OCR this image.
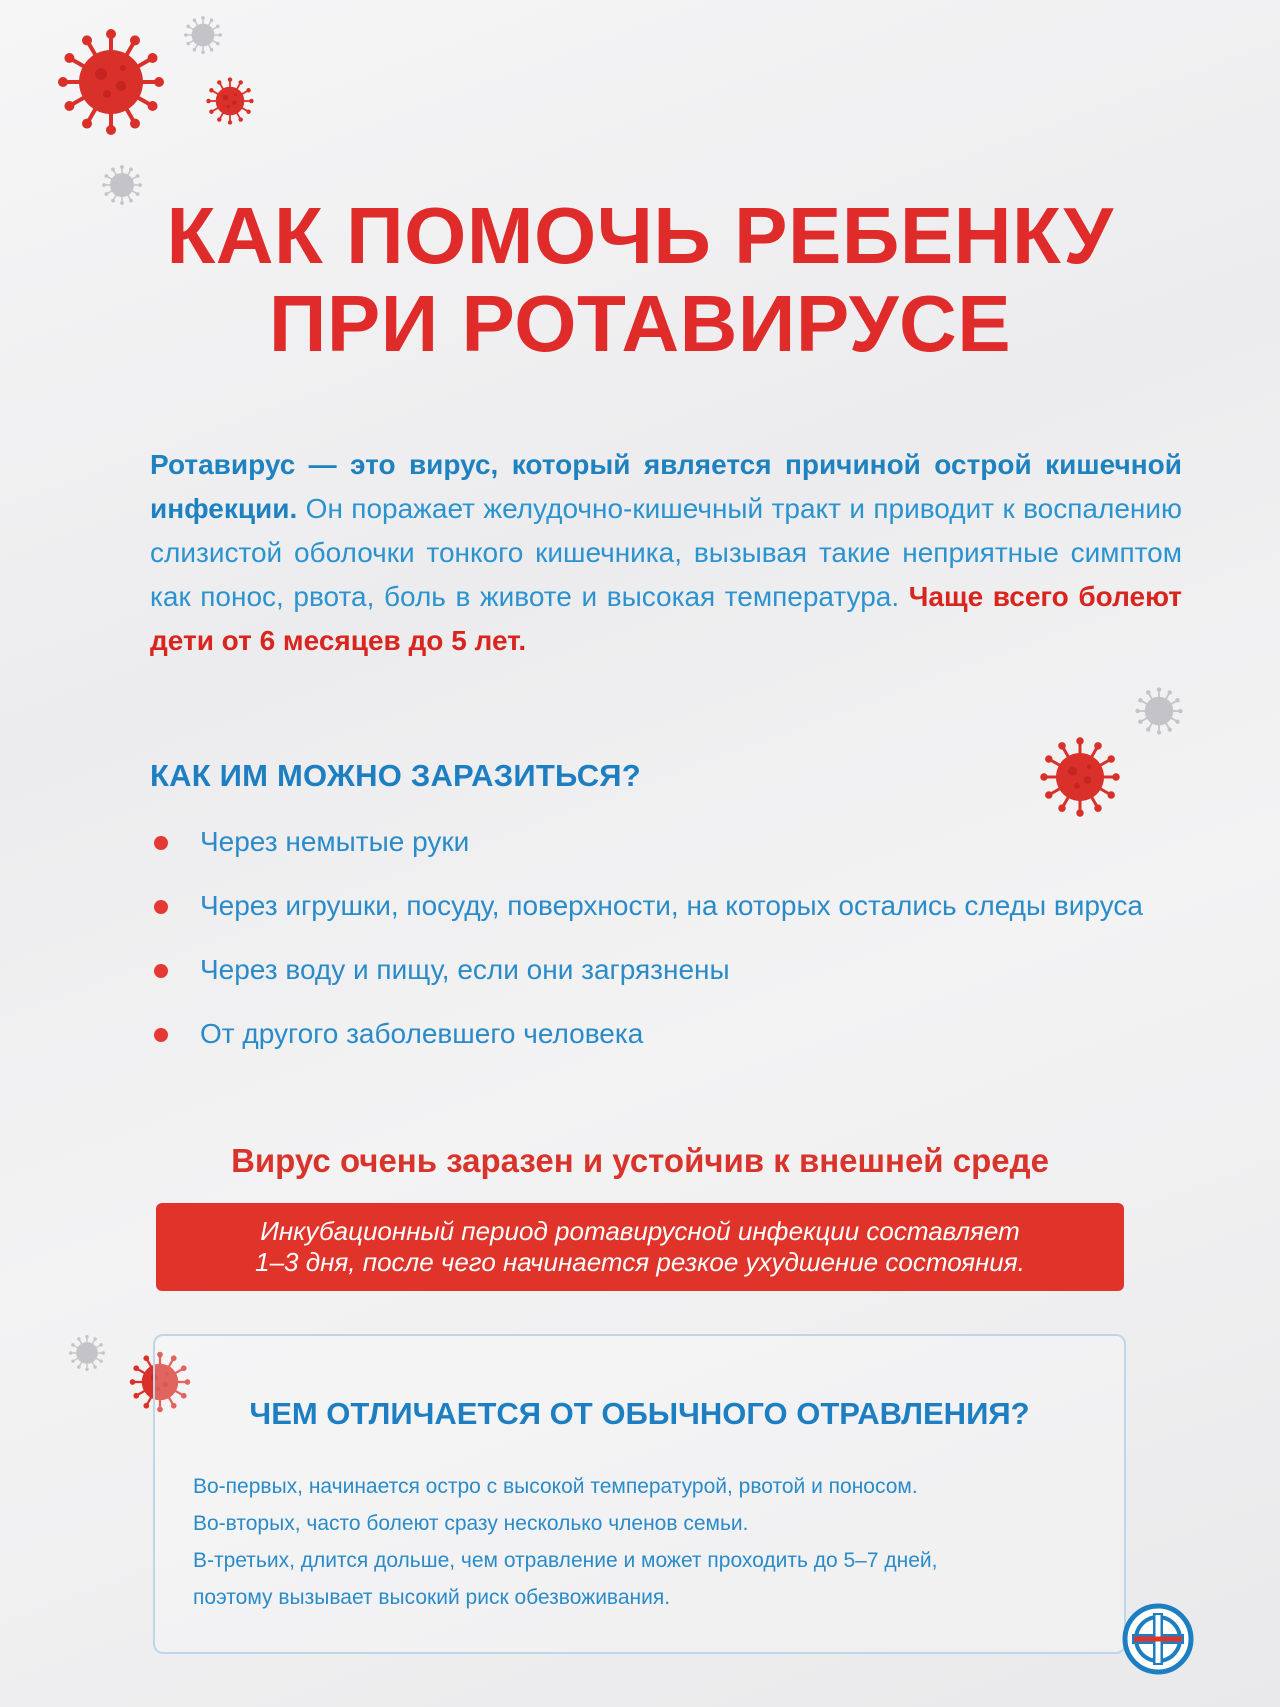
КАК ПОМОЧЬ РЕБЕНКУ
ПРИ РОТАВИРУСЕ

Ротавирус — это вирус, который является причиной острой кишечной инфекции. Он поражает желудочно-кишечный тракт и приводит к воспалению слизистой оболочки тонкого кишечника, вызывая такие неприятные симптом как понос, рвота, боль в животе и высокая температура. Чаще всего болеют дети от 6 месяцев до 5 лет.

КАК ИМ МОЖНО ЗАРАЗИТЬСЯ?
Через немытые руки
Через игрушки, посуду, поверхности, на которых остались следы вируса
Через воду и пищу, если они загрязнены
От другого заболевшего человека

Вирус очень заразен и устойчив к внешней среде

Инкубационный период ротавирусной инфекции составляет
1–3 дня, после чего начинается резкое ухудшение состояния.
ЧЕМ ОТЛИЧАЕТСЯ ОТ ОБЫЧНОГО ОТРАВЛЕНИЯ?
Во-первых, начинается остро с высокой температурой, рвотой и поносом.
Во-вторых, часто болеют сразу несколько членов семьи.
В-третьих, длится дольше, чем отравление и может проходить до 5–7 дней,
поэтому вызывает высокий риск обезвоживания.
